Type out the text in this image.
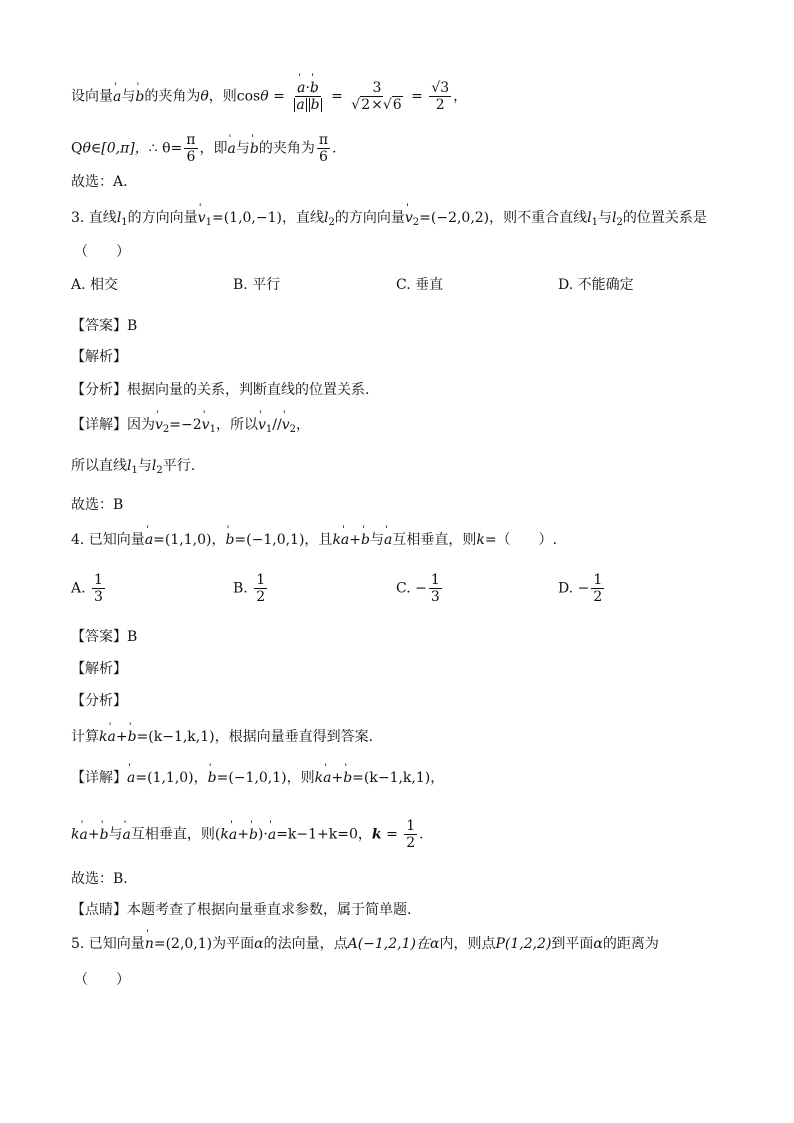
设向量ˈ a与ˈ b的夹角为θ，则cosθ = ˈ a·ˈ b
ˈ a ˈ $b = \frac{3}{√2\times√6} = \frac{√3}{2}$ ，
Qθ∈[0,π]，∴ $\theta= \frac{\pi}{6}$ ，即ˈ a与ˈ b的夹角为 $\frac{\pi}{6}$ .
故选：A．
3. 直线$l_1$的方向向量ˈ $v_1=(1,0,-1)$，直线$l_2$的方向向量ˈ $v_2=(-2,0,2)$，则不重合直线$l_1$与$l_2$的位置关系是
（　　）
A. 相交	B. 平行	C. 垂直	D. 不能确定
【答案】B
【解析】
【分析】根据向量的关系，判断直线的位置关系.
【详解】因为ˈ $v_2=-2ˈ$ $v_1$，所以ˈ $v_1//ˈ$ $v_2$，
所以直线$l_1$与$l_2$平行.
故选：B
4. 已知向量ˈ a=(1,1,0)，ˈ b=(−1,0,1)，且kˈ a+ˈ b与ˈ a互相垂直，则k=（　　）.
A. $\frac{1}{3}$	B. $\frac{1}{2}$	C. − $\frac{1}{3}$	D. − $\frac{1}{2}$
【答案】B
【解析】
【分析】
计算kˈ a+ˈ b=(k−1,k,1)，根据向量垂直得到答案.
【详解】ˈ a=(1,1,0)，ˈ b=(−1,0,1)，则kˈ a+ˈ b=(k−1,k,1)，
kˈ a+ˈ b与ˈ a互相垂直，则(kˈ a+ˈ b)·ˈ a=k−1+k=0，$k = \frac{1}{2}$ .
故选：B.
【点睛】本题考查了根据向量垂直求参数，属于简单题.
5. 已知向量ˈ n=(2,0,1)为平面α的法向量，点A(−1,2,1)在α内，则点P(1,2,2)到平面α的距离为
（　　）
